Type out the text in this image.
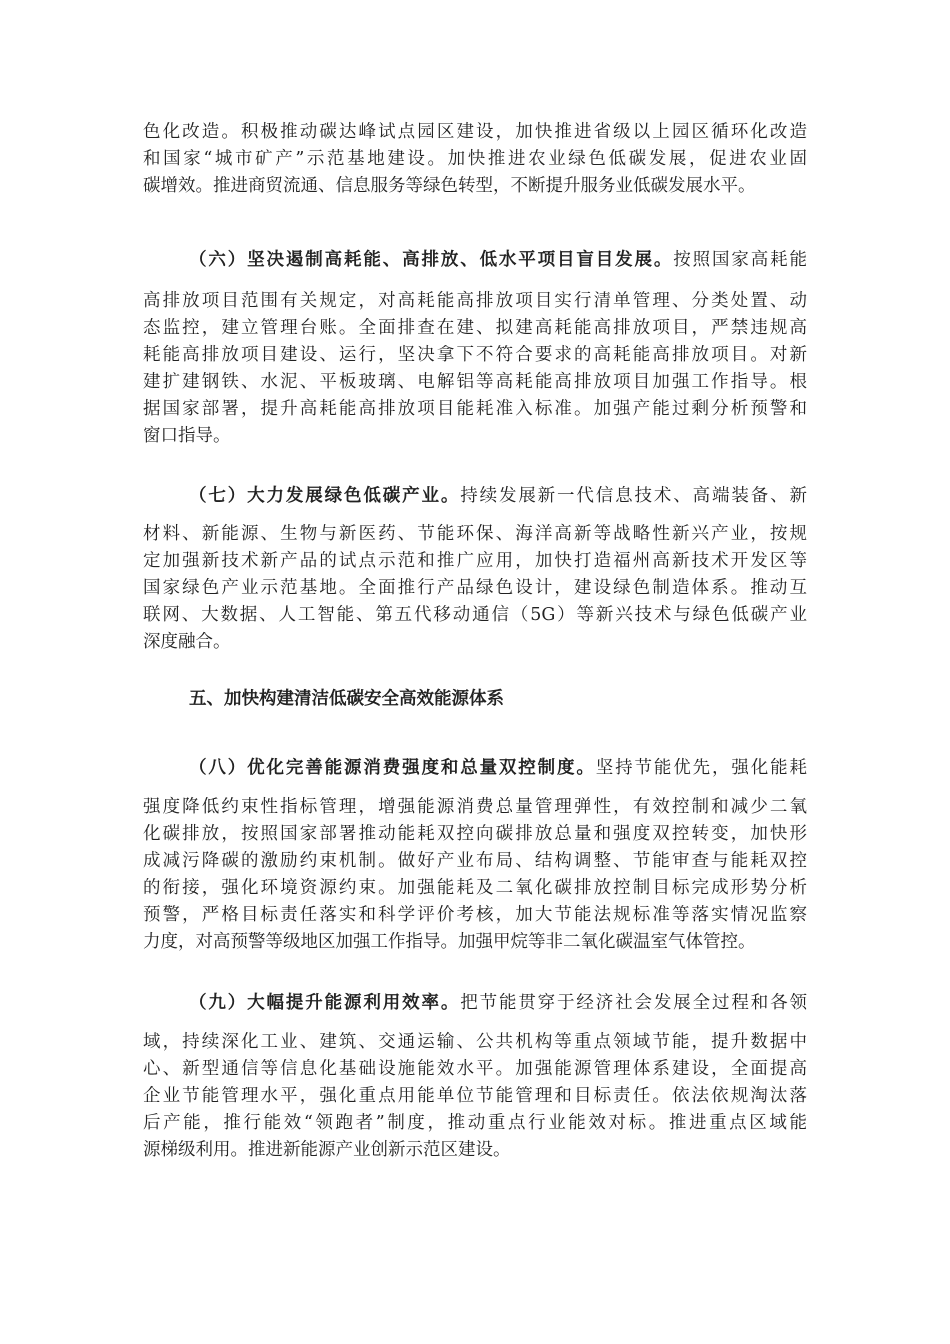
色化改造。积极推动碳达峰试点园区建设，加快推进省级以上园区循环化改造
和国家“城市矿产”示范基地建设。加快推进农业绿色低碳发展，促进农业固
碳增效。推进商贸流通、信息服务等绿色转型，不断提升服务业低碳发展水平。
（六）坚决遏制高耗能、高排放、低水平项目盲目发展。按照国家高耗能
高排放项目范围有关规定，对高耗能高排放项目实行清单管理、分类处置、动
态监控，建立管理台账。全面排查在建、拟建高耗能高排放项目，严禁违规高
耗能高排放项目建设、运行，坚决拿下不符合要求的高耗能高排放项目。对新
建扩建钢铁、水泥、平板玻璃、电解铝等高耗能高排放项目加强工作指导。根
据国家部署，提升高耗能高排放项目能耗准入标准。加强产能过剩分析预警和
窗口指导。
（七）大力发展绿色低碳产业。持续发展新一代信息技术、高端装备、新
材料、新能源、生物与新医药、节能环保、海洋高新等战略性新兴产业，按规
定加强新技术新产品的试点示范和推广应用，加快打造福州高新技术开发区等
国家绿色产业示范基地。全面推行产品绿色设计，建设绿色制造体系。推动互
联网、大数据、人工智能、第五代移动通信（5G）等新兴技术与绿色低碳产业
深度融合。
五、加快构建清洁低碳安全高效能源体系
（八）优化完善能源消费强度和总量双控制度。坚持节能优先，强化能耗
强度降低约束性指标管理，增强能源消费总量管理弹性，有效控制和减少二氧
化碳排放，按照国家部署推动能耗双控向碳排放总量和强度双控转变，加快形
成减污降碳的激励约束机制。做好产业布局、结构调整、节能审查与能耗双控
的衔接，强化环境资源约束。加强能耗及二氧化碳排放控制目标完成形势分析
预警，严格目标责任落实和科学评价考核，加大节能法规标准等落实情况监察
力度，对高预警等级地区加强工作指导。加强甲烷等非二氧化碳温室气体管控。
（九）大幅提升能源利用效率。把节能贯穿于经济社会发展全过程和各领
域，持续深化工业、建筑、交通运输、公共机构等重点领域节能，提升数据中
心、新型通信等信息化基础设施能效水平。加强能源管理体系建设，全面提高
企业节能管理水平，强化重点用能单位节能管理和目标责任。依法依规淘汰落
后产能，推行能效“领跑者”制度，推动重点行业能效对标。推进重点区域能
源梯级利用。推进新能源产业创新示范区建设。
